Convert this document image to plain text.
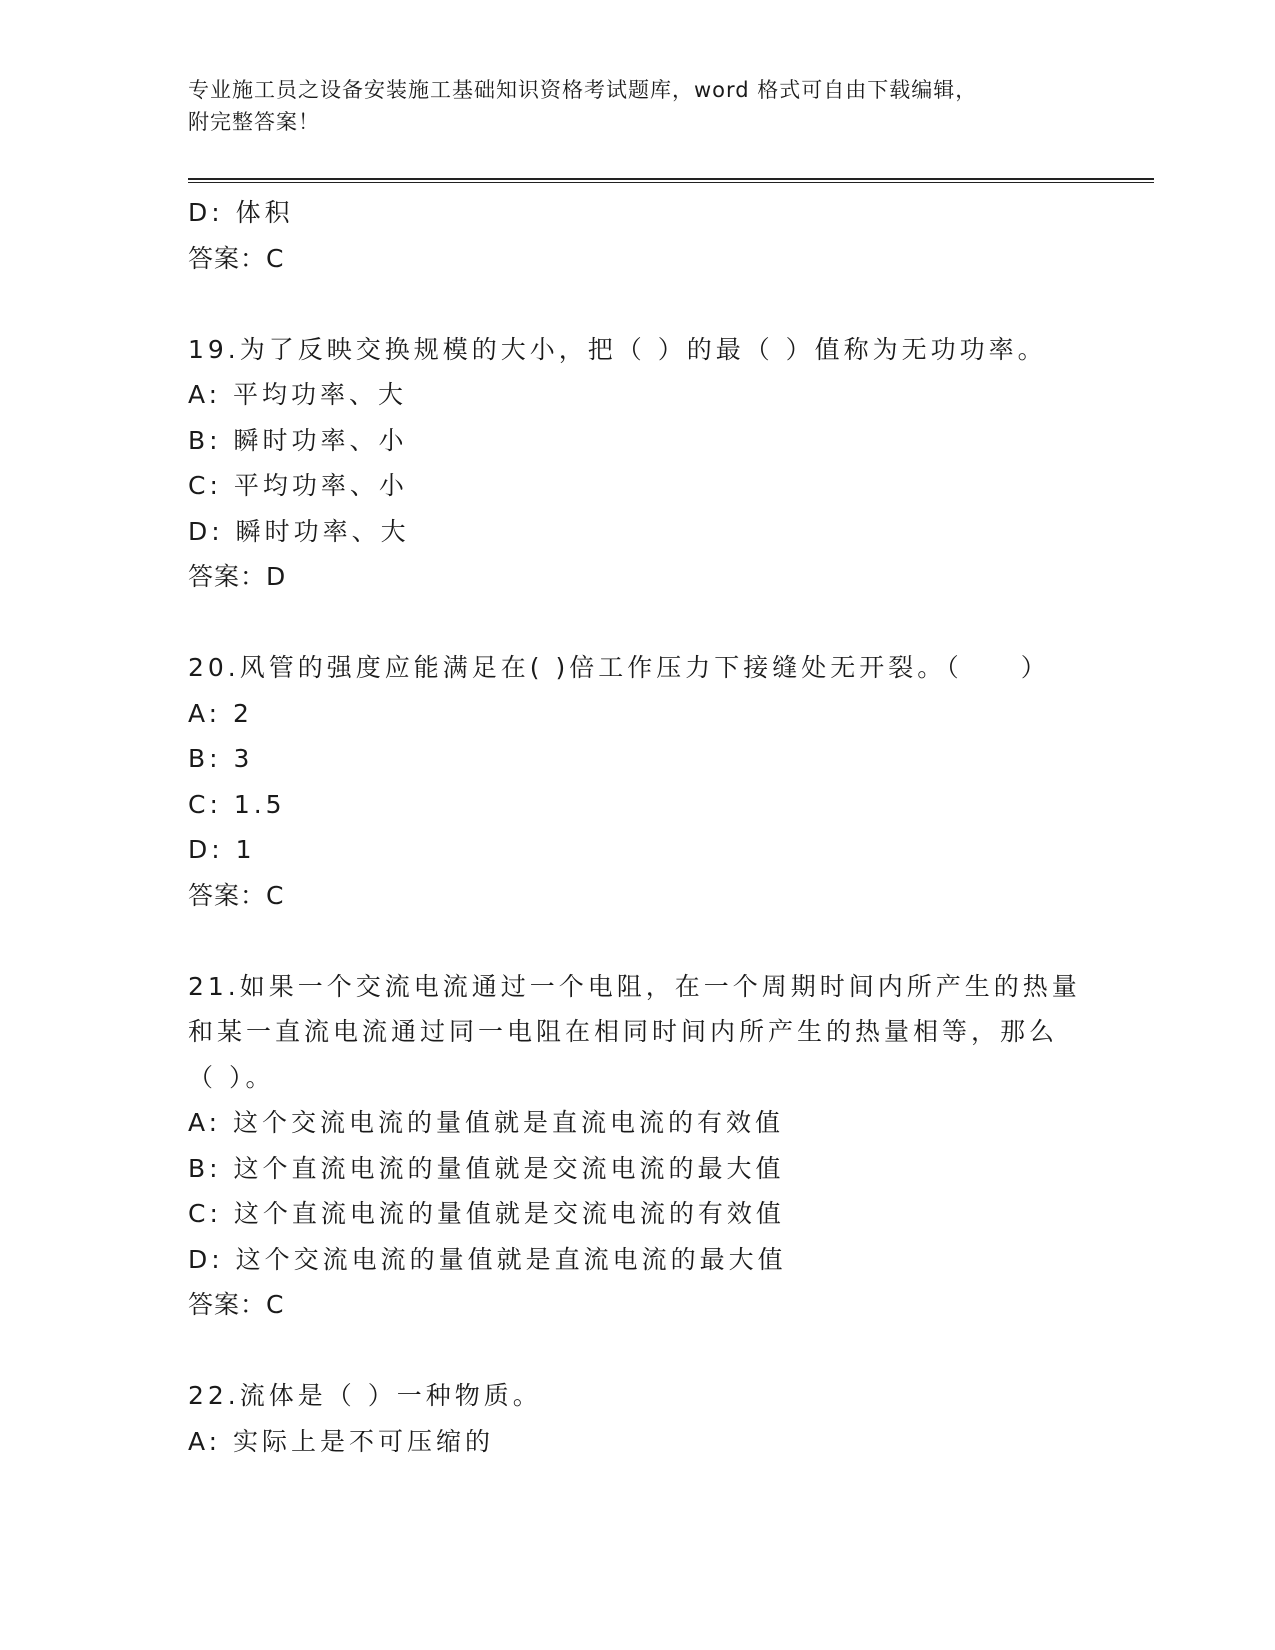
专业施工员之设备安装施工基础知识资格考试题库，word 格式可自由下载编辑，
附完整答案！
D: 体积
答案：C
19.为了反映交换规模的大小，把（ ）的最（ ）值称为无功功率。
A: 平均功率、大
B: 瞬时功率、小
C: 平均功率、小
D: 瞬时功率、大
答案：D
20.风管的强度应能满足在( )倍工作压力下接缝处无开裂。（　　）
A: 2
B: 3
C: 1.5
D: 1
答案：C
21.如果一个交流电流通过一个电阻，在一个周期时间内所产生的热量
和某一直流电流通过同一电阻在相同时间内所产生的热量相等，那么
（ ）。
A: 这个交流电流的量值就是直流电流的有效值
B: 这个直流电流的量值就是交流电流的最大值
C: 这个直流电流的量值就是交流电流的有效值
D: 这个交流电流的量值就是直流电流的最大值
答案：C
22.流体是（ ）一种物质。
A: 实际上是不可压缩的
